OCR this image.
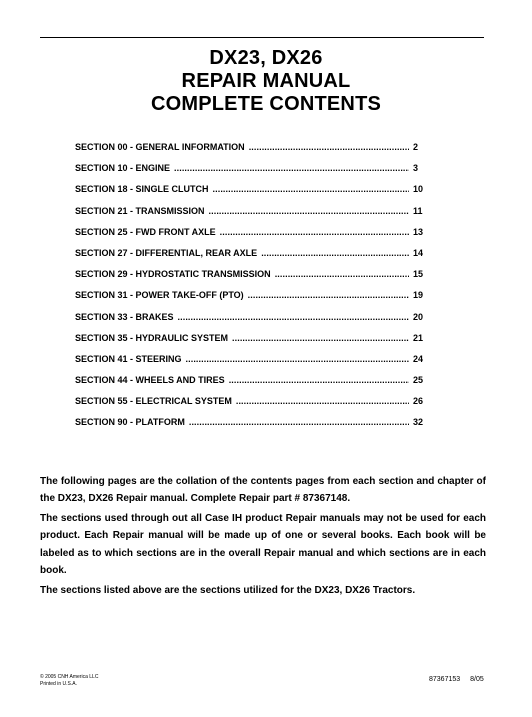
DX23, DX26
REPAIR MANUAL
COMPLETE CONTENTS
SECTION 00 - GENERAL INFORMATION . . .	2
SECTION 10 - ENGINE . . .	3
SECTION 18 - SINGLE CLUTCH . . .	10
SECTION 21 - TRANSMISSION . . .	11
SECTION 25 - FWD FRONT AXLE . . .	13
SECTION 27 - DIFFERENTIAL, REAR AXLE . . .	14
SECTION 29 - HYDROSTATIC TRANSMISSION . . .	15
SECTION 31 - POWER TAKE-OFF (PTO) . . .	19
SECTION 33 - BRAKES . . .	20
SECTION 35 - HYDRAULIC SYSTEM . . .	21
SECTION 41 - STEERING . . .	24
SECTION 44 - WHEELS AND TIRES . . .	25
SECTION 55 - ELECTRICAL SYSTEM . . .	26
SECTION 90 - PLATFORM . . .	32

The following pages are the collation of the contents pages from each section and chapter of the DX23, DX26 Repair manual. Complete Repair part # 87367148.

The sections used through out all Case IH product Repair manuals may not be used for each product. Each Repair manual will be made up of one or several books. Each book will be labeled as to which sections are in the overall Repair manual and which sections are in each book.

The sections listed above are the sections utilized for the DX23, DX26 Tractors.

© 2005 CNH America LLC
Printed in U.S.A.
87367153 8/05
